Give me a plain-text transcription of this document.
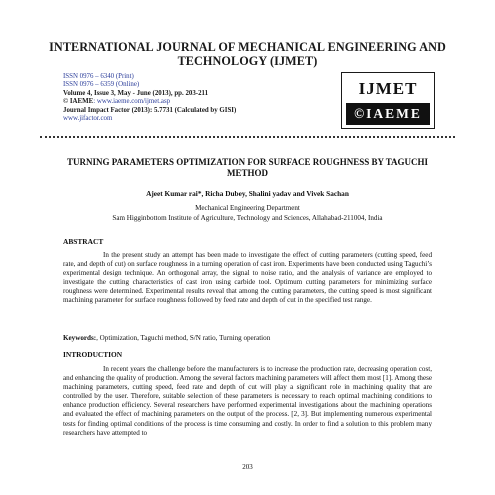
INTERNATIONAL JOURNAL OF MECHANICAL ENGINEERING AND TECHNOLOGY (IJMET)
ISSN 0976 – 6340 (Print)
ISSN 0976 – 6359 (Online)
Volume 4, Issue 3, May - June (2013), pp. 203-211
© IAEME: www.iaeme.com/ijmet.asp
Journal Impact Factor (2013): 5.7731 (Calculated by GISI)
www.jifactor.com
IJMET
©IAEME
TURNING PARAMETERS OPTIMIZATION FOR SURFACE ROUGHNESS BY TAGUCHI METHOD
Ajeet Kumar rai*, Richa Dubey, Shalini yadav and Vivek Sachan
Mechanical Engineering Department
Sam Higginbottom Institute of Agriculture, Technology and Sciences, Allahabad-211004, India
ABSTRACT
In the present study an attempt has been made to investigate the effect of cutting parameters (cutting speed, feed rate, and depth of cut) on surface roughness in a turning operation of cast iron. Experiments have been conducted using Taguchi’s experimental design technique. An orthogonal array, the signal to noise ratio, and the analysis of variance are employed to investigate the cutting characteristics of cast iron using carbide tool. Optimum cutting parameters for minimizing surface roughness were determined. Experimental results reveal that among the cutting parameters, the cutting speed is most significant machining parameter for surface roughness followed by feed rate and depth of cut in the specified test range.
Keywords:, Optimization, Taguchi method, S/N ratio, Turning operation
INTRODUCTION
In recent years the challenge before the manufacturers is to increase the production rate, decreasing operation cost, and enhancing the quality of production. Among the several factors machining parameters will affect them most [1]. Among these machining parameters, cutting speed, feed rate and depth of cut will play a significant role in machining quality that are controlled by the user. Therefore, suitable selection of these parameters is necessary to reach optimal machining conditions to enhance production efficiency. Several researchers have performed experimental investigations about the machining operations and evaluated the effect of machining parameters on the output of the process. [2, 3]. But implementing numerous experimental tests for finding optimal conditions of the process is time consuming and costly. In order to find a solution to this problem many researchers have attempted to
203
